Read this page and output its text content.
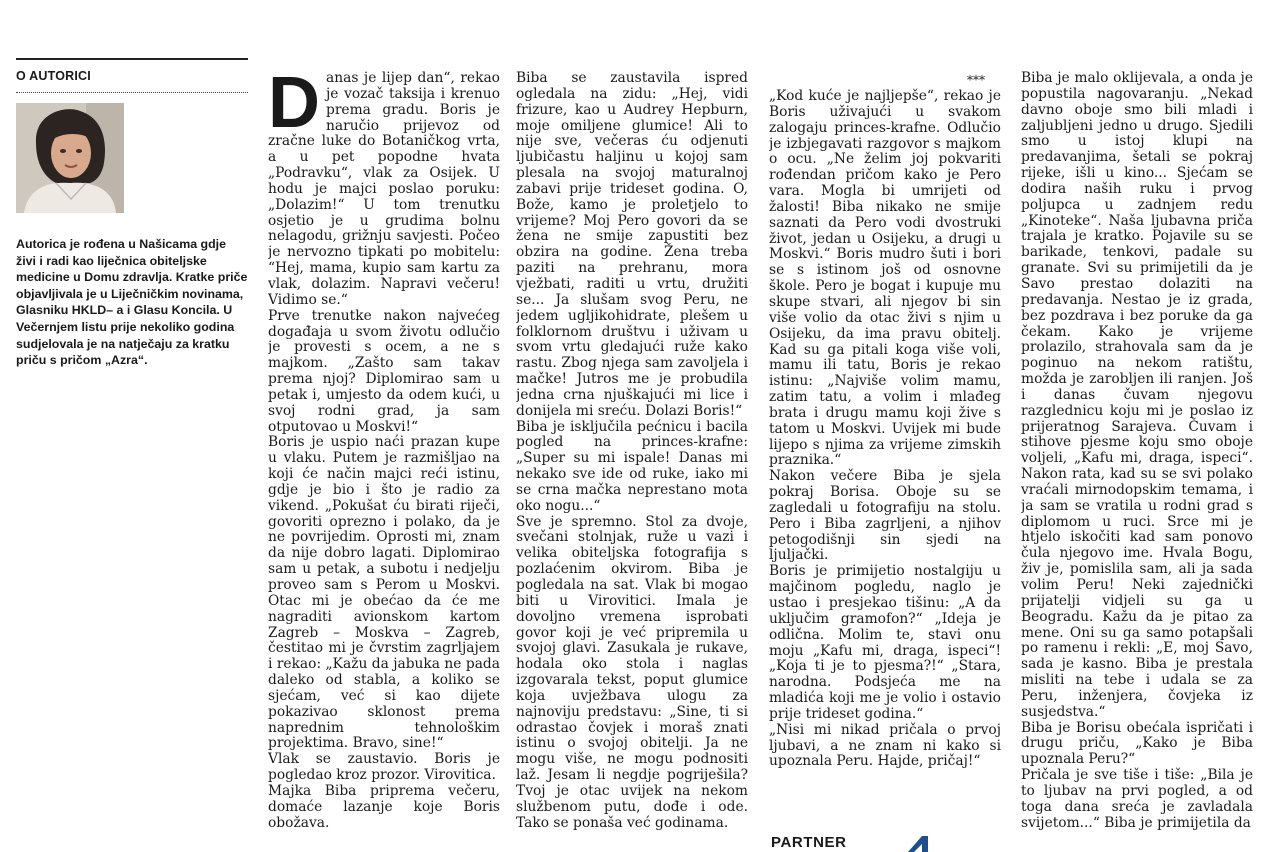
O AUTORICI
Autorica je rođena u Našicama gdje živi i radi kao liječnica obiteljske medicine u Domu zdravlja. Kratke priče objavljivala je u Liječničkim novinama, Glasniku HKLD– a i Glasu Koncila. U Večernjem listu prije nekoliko godina sudjelovala je na natječaju za kratku priču s pričom „Azra“.

Danas je lijep dan“, rekao je vozač taksija i krenuo prema gradu. Boris je naručio prijevoz od zračne luke do Botaničkog vrta, a u pet popodne hvata „Podravku“, vlak za Osijek. U hodu je majci poslao poruku: „Dolazim!“ U tom trenutku osjetio je u grudima bolnu nelagodu, grižnju savjesti. Počeo je nervozno tipkati po mobitelu: “Hej, mama, kupio sam kartu za vlak, dolazim. Napravi večeru! Vidimo se.“

Prve trenutke nakon najvećeg događaja u svom životu odlučio je provesti s ocem, a ne s majkom. „Zašto sam takav prema njoj? Diplomirao sam u petak i, umjesto da odem kući, u svoj rodni grad, ja sam otputovao u Moskvi!“

Boris je uspio naći prazan kupe u vlaku. Putem je razmišljao na koji će način majci reći istinu, gdje je bio i što je radio za vikend. „Pokušat ću birati riječi, govoriti oprezno i polako, da je ne povrijedim. Oprosti mi, znam da nije dobro lagati. Diplomirao sam u petak, a subotu i nedjelju proveo sam s Perom u Moskvi. Otac mi je obećao da će me nagraditi avionskom kartom Zagreb – Moskva – Zagreb, čestitao mi je čvrstim zagrljajem i rekao: „Kažu da jabuka ne pada daleko od stabla, a koliko se sjećam, već si kao dijete pokazivao sklonost prema naprednim tehnološkim projektima. Bravo, sine!“

Vlak se zaustavio. Boris je pogledao kroz prozor. Virovitica.

Majka Biba priprema večeru, domaće lazanje koje Boris obožava.

Biba se zaustavila ispred ogledala na zidu: „Hej, vidi frizure, kao u Audrey Hepburn, moje omiljene glumice! Ali to nije sve, večeras ću odjenuti ljubičastu haljinu u kojoj sam plesala na svojoj maturalnoj zabavi prije trideset godina. O, Bože, kamo je proletjelo to vrijeme? Moj Pero govori da se žena ne smije zapustiti bez obzira na godine. Žena treba paziti na prehranu, mora vježbati, raditi u vrtu, družiti se... Ja slušam svog Peru, ne jedem ugljikohidrate, plešem u folklornom društvu i uživam u svom vrtu gledajući ruže kako rastu. Zbog njega sam zavoljela i mačke! Jutros me je probudila jedna crna njuškajući mi lice i donijela mi sreću. Dolazi Boris!“

Biba je isključila pećnicu i bacila pogled na princes-krafne: „Super su mi ispale! Danas mi nekako sve ide od ruke, iako mi se crna mačka neprestano mota oko nogu...“

Sve je spremno. Stol za dvoje, svečani stolnjak, ruže u vazi i velika obiteljska fotografija s pozlaćenim okvirom. Biba je pogledala na sat. Vlak bi mogao biti u Virovitici. Imala je dovoljno vremena isprobati govor koji je već pripremila u svojoj glavi. Zasukala je rukave, hodala oko stola i naglas izgovarala tekst, poput glumice koja uvježbava ulogu za najnoviju predstavu: „Sine, ti si odrastao čovjek i moraš znati istinu o svojoj obitelji. Ja ne mogu više, ne mogu podnositi laž. Jesam li negdje pogriješila? Tvoj je otac uvijek na nekom službenom putu, dođe i ode. Tako se ponaša već godinama.

***

„Kod kuće je najljepše“, rekao je Boris uživajući u svakom zalogaju princes-krafne. Odlučio je izbjegavati razgovor s majkom o ocu. „Ne želim joj pokvariti rođendan pričom kako je Pero vara. Mogla bi umrijeti od žalosti! Biba nikako ne smije saznati da Pero vodi dvostruki život, jedan u Osijeku, a drugi u Moskvi.“ Boris mudro šuti i bori se s istinom još od osnovne škole. Pero je bogat i kupuje mu skupe stvari, ali njegov bi sin više volio da otac živi s njim u Osijeku, da ima pravu obitelj. Kad su ga pitali koga više voli, mamu ili tatu, Boris je rekao istinu: „Najviše volim mamu, zatim tatu, a volim i mlađeg brata i drugu mamu koji žive s tatom u Moskvi. Uvijek mi bude lijepo s njima za vrijeme zimskih praznika.“

Nakon večere Biba je sjela pokraj Borisa. Oboje su se zagledali u fotografiju na stolu. Pero i Biba zagrljeni, a njihov petogodišnji sin sjedi na ljuljački.

Boris je primijetio nostalgiju u majčinom pogledu, naglo je ustao i presjekao tišinu: „A da uključim gramofon?“ „Ideja je odlična. Molim te, stavi onu moju „Kafu mi, draga, ispeci“! „Koja ti je to pjesma?!“ „Stara, narodna. Podsjeća me na mladića koji me je volio i ostavio prije trideset godina.“

„Nisi mi nikad pričala o prvoj ljubavi, a ne znam ni kako si upoznala Peru. Hajde, pričaj!“

Biba je malo oklijevala, a onda je popustila nagovaranju. „Nekad davno oboje smo bili mladi i zaljubljeni jedno u drugo. Sjedili smo u istoj klupi na predavanjima, šetali se pokraj rijeke, išli u kino... Sjećam se dodira naših ruku i prvog poljupca u zadnjem redu „Kinoteke“. Naša ljubavna priča trajala je kratko. Pojavile su se barikade, tenkovi, padale su granate. Svi su primijetili da je Savo prestao dolaziti na predavanja. Nestao je iz grada, bez pozdrava i bez poruke da ga čekam. Kako je vrijeme prolazilo, strahovala sam da je poginuo na nekom ratištu, možda je zarobljen ili ranjen. Još i danas čuvam njegovu razglednicu koju mi je poslao iz prijeratnog Sarajeva. Čuvam i stihove pjesme koju smo oboje voljeli, „Kafu mi, draga, ispeci“. Nakon rata, kad su se svi polako vraćali mirnodopskim temama, i ja sam se vratila u rodni grad s diplomom u ruci. Srce mi je htjelo iskočiti kad sam ponovo čula njegovo ime. Hvala Bogu, živ je, pomislila sam, ali ja sada volim Peru! Neki zajednički prijatelji vidjeli su ga u Beogradu. Kažu da je pitao za mene. Oni su ga samo potapšali po ramenu i rekli: „E, moj Savo, sada je kasno. Biba je prestala misliti na tebe i udala se za Peru, inženjera, čovjeka iz susjedstva.“

Biba je Borisu obećala ispričati i drugu priču, „Kako je Biba upoznala Peru?“

Pričala je sve tiše i tiše: „Bila je to ljubav na prvi pogled, a od toga dana sreća je zavladala svijetom...“ Biba je primijetila da

PARTNER
